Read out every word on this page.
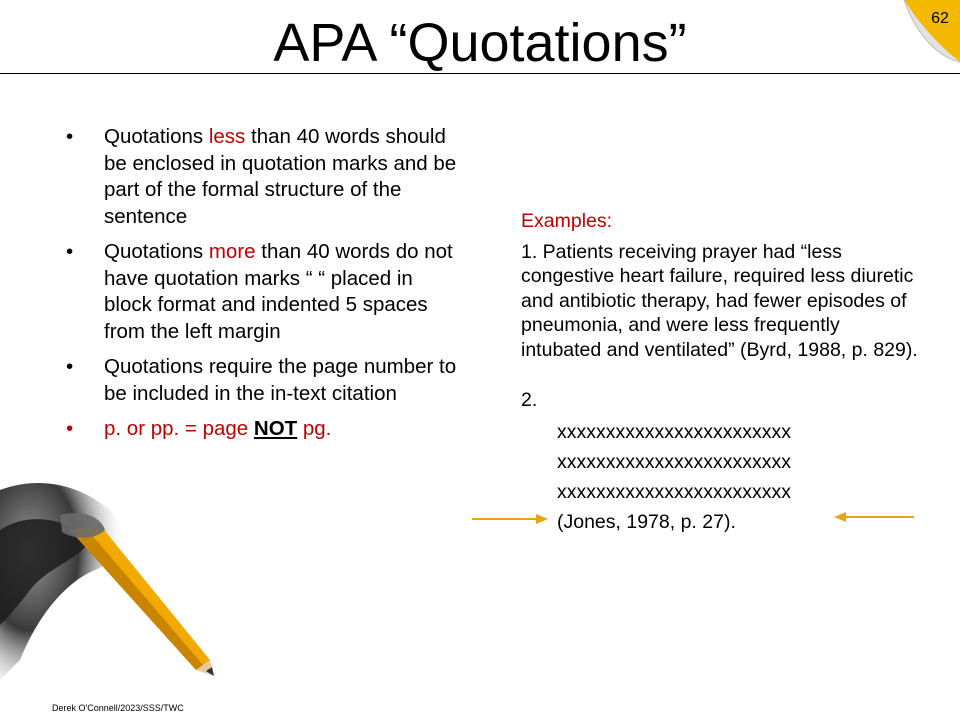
APA “Quotations”	62
• Quotations less than 40 words should be enclosed in quotation marks and be part of the formal structure of the sentence
• Quotations more than 40 words do not have quotation marks “ “ placed in block format and indented 5 spaces from the left margin
• Quotations require the page number to be included in the in-text citation
• p. or pp. = page NOT pg.
Examples:
1. Patients receiving prayer had “less congestive heart failure, required less diuretic and antibiotic therapy, had fewer episodes of pneumonia, and were less frequently intubated and ventilated” (Byrd, 1988, p. 829).
2.
xxxxxxxxxxxxxxxxxxxxxxxx
xxxxxxxxxxxxxxxxxxxxxxxx
xxxxxxxxxxxxxxxxxxxxxxxx
(Jones, 1978, p. 27).
Derek O'Connell/2023/SSS/TWC
